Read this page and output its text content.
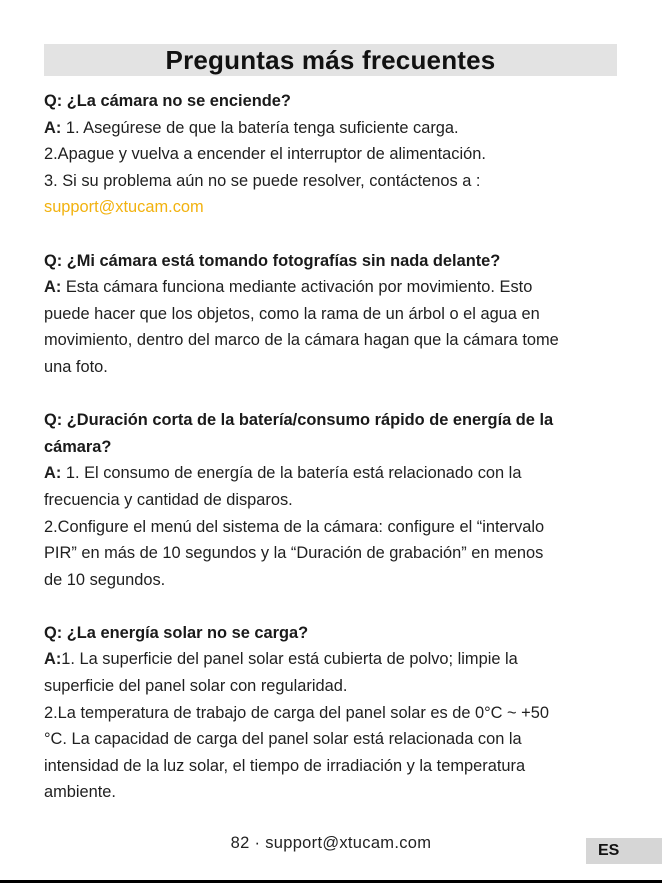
Preguntas más frecuentes
Q: ¿La cámara no se enciende?
A: 1. Asegúrese de que la batería tenga suficiente carga.
2.Apague y vuelva a encender el interruptor de alimentación.
3. Si su problema aún no se puede resolver, contáctenos a :
support@xtucam.com
Q: ¿Mi cámara está tomando fotografías sin nada delante?
A: Esta cámara funciona mediante activación por movimiento. Esto
puede hacer que los objetos, como la rama de un árbol o el agua en
movimiento, dentro del marco de la cámara hagan que la cámara tome
una foto.
Q: ¿Duración corta de la batería/consumo rápido de energía de la
cámara?
A: 1. El consumo de energía de la batería está relacionado con la
frecuencia y cantidad de disparos.
2.Configure el menú del sistema de la cámara: configure el “intervalo
PIR” en más de 10 segundos y la “Duración de grabación” en menos
de 10 segundos.
Q: ¿La energía solar no se carga?
A:1. La superficie del panel solar está cubierta de polvo; limpie la
superficie del panel solar con regularidad.
2.La temperatura de trabajo de carga del panel solar es de 0°C ~ +50
°C. La capacidad de carga del panel solar está relacionada con la
intensidad de la luz solar, el tiempo de irradiación y la temperatura
ambiente.
82 · support@xtucam.com	ES
